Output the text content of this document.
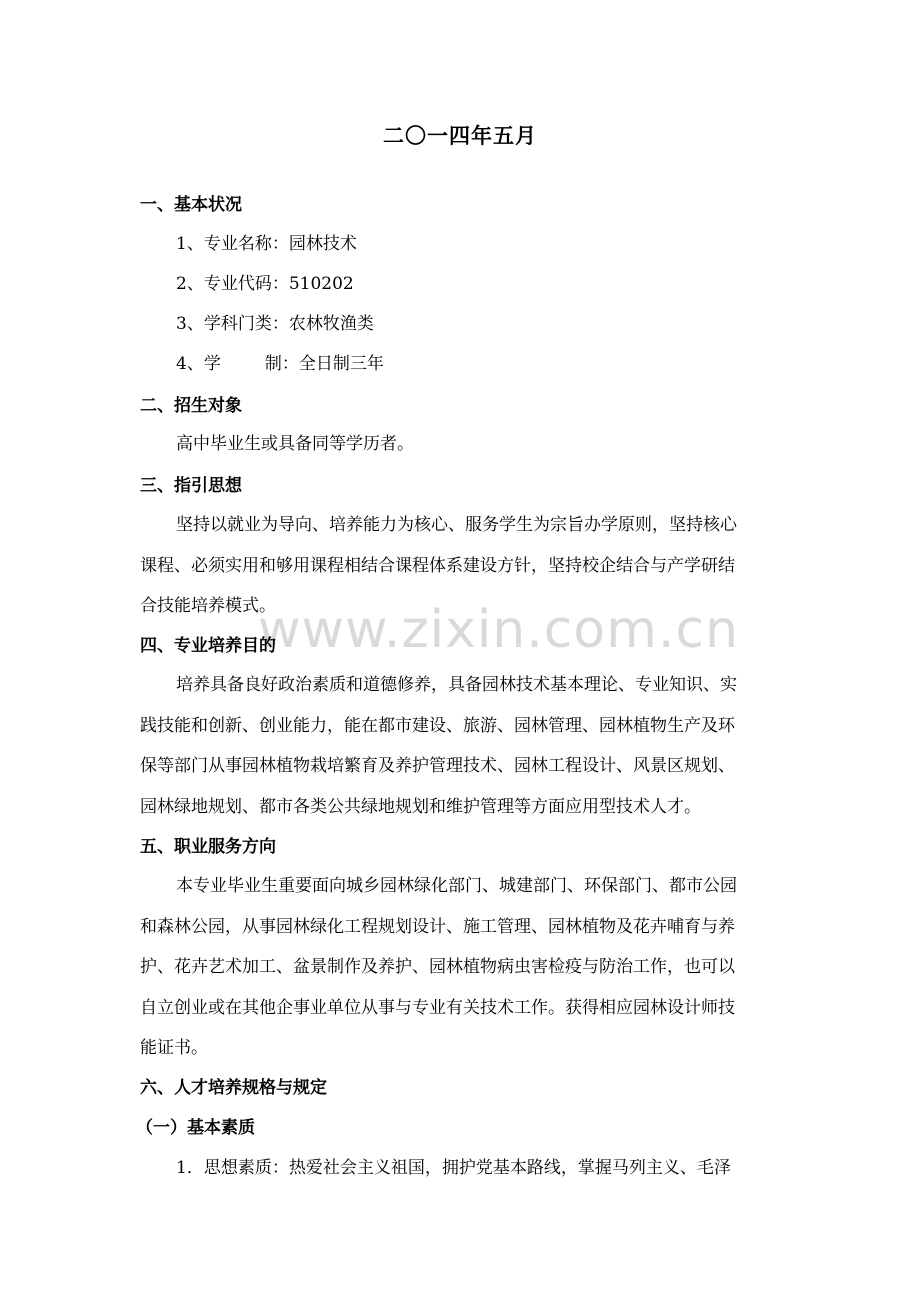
www.zixin.com.cn
二〇一四年五月
一、基本状况
1、专业名称：园林技术
2、专业代码：510202
3、学科门类：农林牧渔类
4、学	制：全日制三年
二、招生对象
高中毕业生或具备同等学历者。
三、指引思想
坚持以就业为导向、培养能力为核心、服务学生为宗旨办学原则，坚持核心
课程、必须实用和够用课程相结合课程体系建设方针，坚持校企结合与产学研结
合技能培养模式。
四、专业培养目的
培养具备良好政治素质和道德修养，具备园林技术基本理论、专业知识、实
践技能和创新、创业能力，能在都市建设、旅游、园林管理、园林植物生产及环
保等部门从事园林植物栽培繁育及养护管理技术、园林工程设计、风景区规划、
园林绿地规划、都市各类公共绿地规划和维护管理等方面应用型技术人才。
五、职业服务方向
本专业毕业生重要面向城乡园林绿化部门、城建部门、环保部门、都市公园
和森林公园，从事园林绿化工程规划设计、施工管理、园林植物及花卉哺育与养
护、花卉艺术加工、盆景制作及养护、园林植物病虫害检疫与防治工作，也可以
自立创业或在其他企事业单位从事与专业有关技术工作。获得相应园林设计师技
能证书。
六、人才培养规格与规定
（一）基本素质
1．思想素质：热爱社会主义祖国，拥护党基本路线，掌握马列主义、毛泽
